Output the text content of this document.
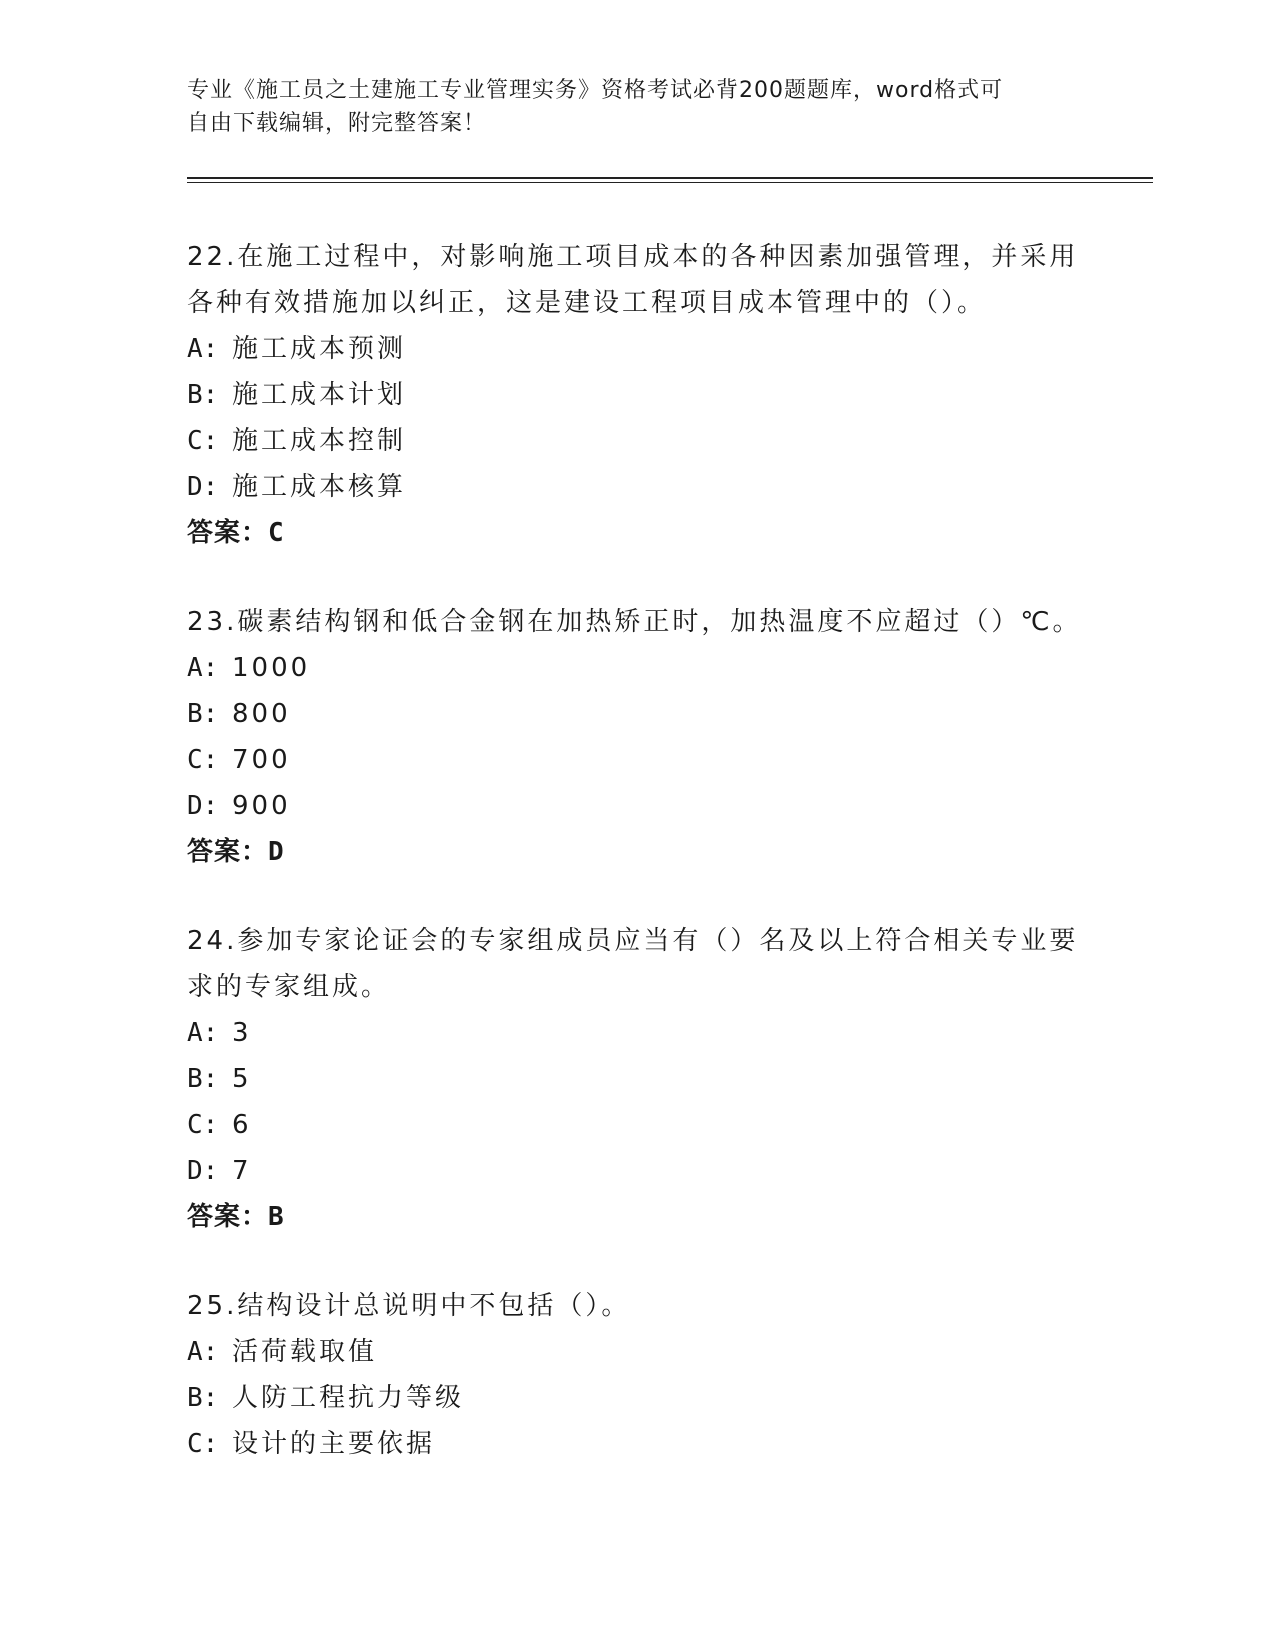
专业《施工员之土建施工专业管理实务》资格考试必背200题题库，word格式可
自由下载编辑，附完整答案！
22.在施工过程中，对影响施工项目成本的各种因素加强管理，并采用
各种有效措施加以纠正，这是建设工程项目成本管理中的（）。
A: 施工成本预测
B: 施工成本计划
C: 施工成本控制
D: 施工成本核算
答案：C
23.碳素结构钢和低合金钢在加热矫正时，加热温度不应超过（）℃。
A: 1000
B: 800
C: 700
D: 900
答案：D
24.参加专家论证会的专家组成员应当有（）名及以上符合相关专业要
求的专家组成。
A: 3
B: 5
C: 6
D: 7
答案：B
25.结构设计总说明中不包括（）。
A: 活荷载取值
B: 人防工程抗力等级
C: 设计的主要依据
